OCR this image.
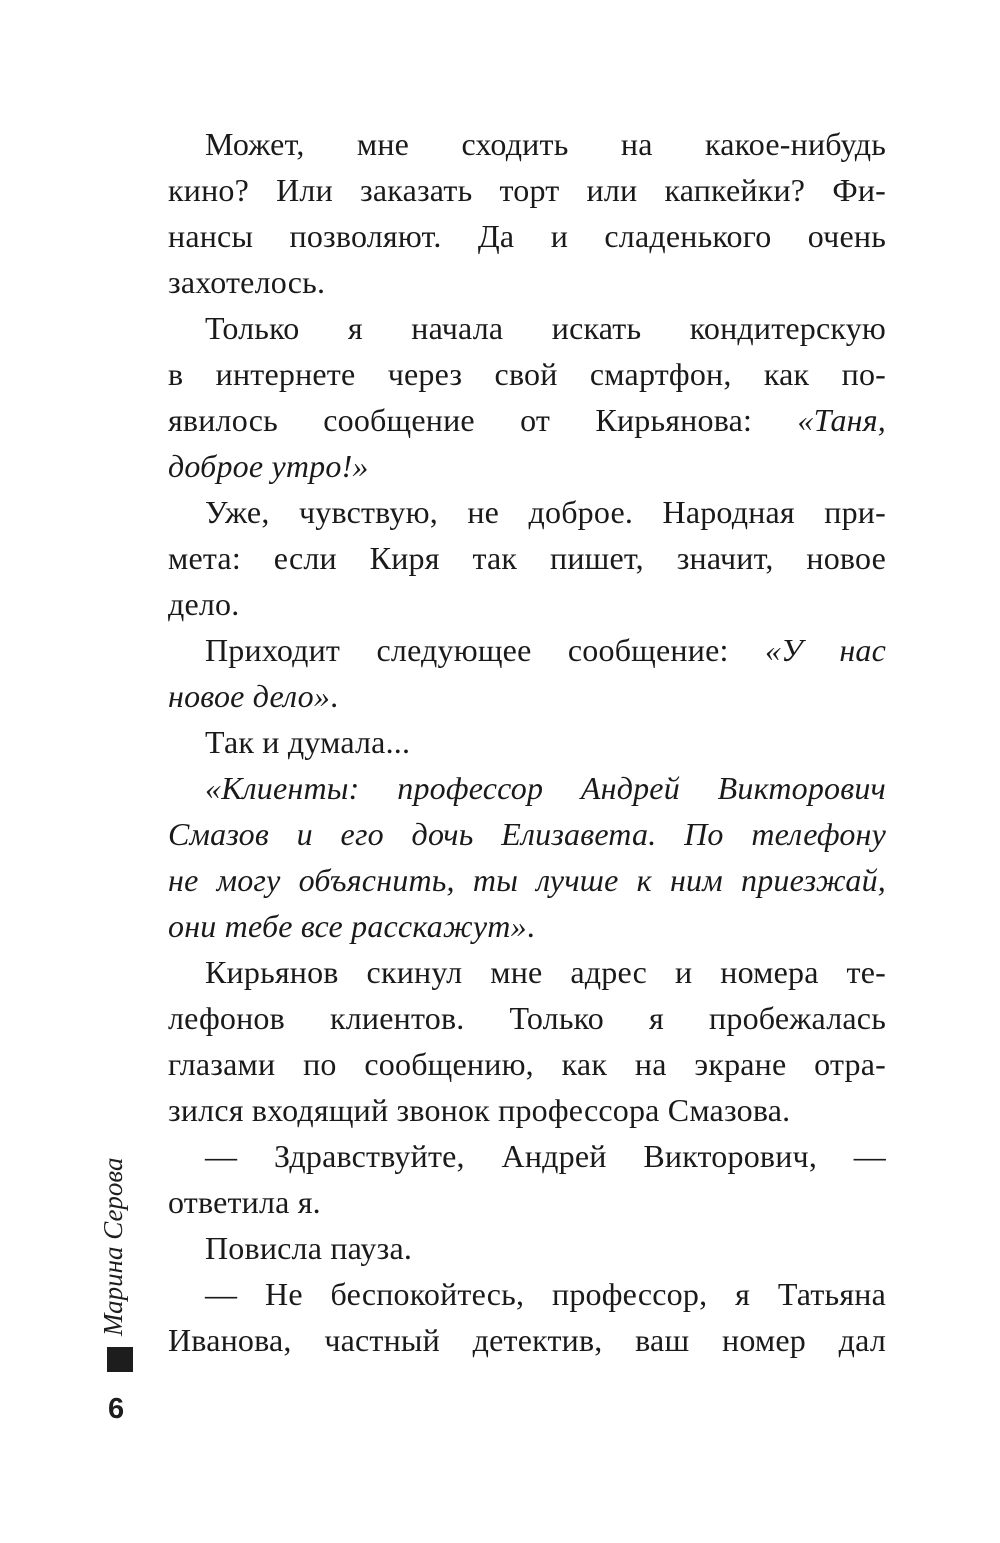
Может, мне сходить на какое-нибудь
кино? Или заказать торт или капкейки? Фи-
нансы позволяют. Да и сладенького очень
захотелось.
Только я начала искать кондитерскую
в интернете через свой смартфон, как по-
явилось сообщение от Кирьянова: «Таня,
доброе утро!»
Уже, чувствую, не доброе. Народная при-
мета: если Киря так пишет, значит, новое
дело.
Приходит следующее сообщение: «У нас
новое дело».
Так и думала...
«Клиенты: профессор Андрей Викторович
Смазов и его дочь Елизавета. По телефону
не могу объяснить, ты лучше к ним приезжай,
они тебе все расскажут».
Кирьянов скинул мне адрес и номера те-
лефонов клиентов. Только я пробежалась
глазами по сообщению, как на экране отра-
зился входящий звонок профессора Смазова.
— Здравствуйте, Андрей Викторович, —
ответила я.
Повисла пауза.
— Не беспокойтесь, профессор, я Татьяна
Иванова, частный детектив, ваш номер дал
Марина Серова
6
